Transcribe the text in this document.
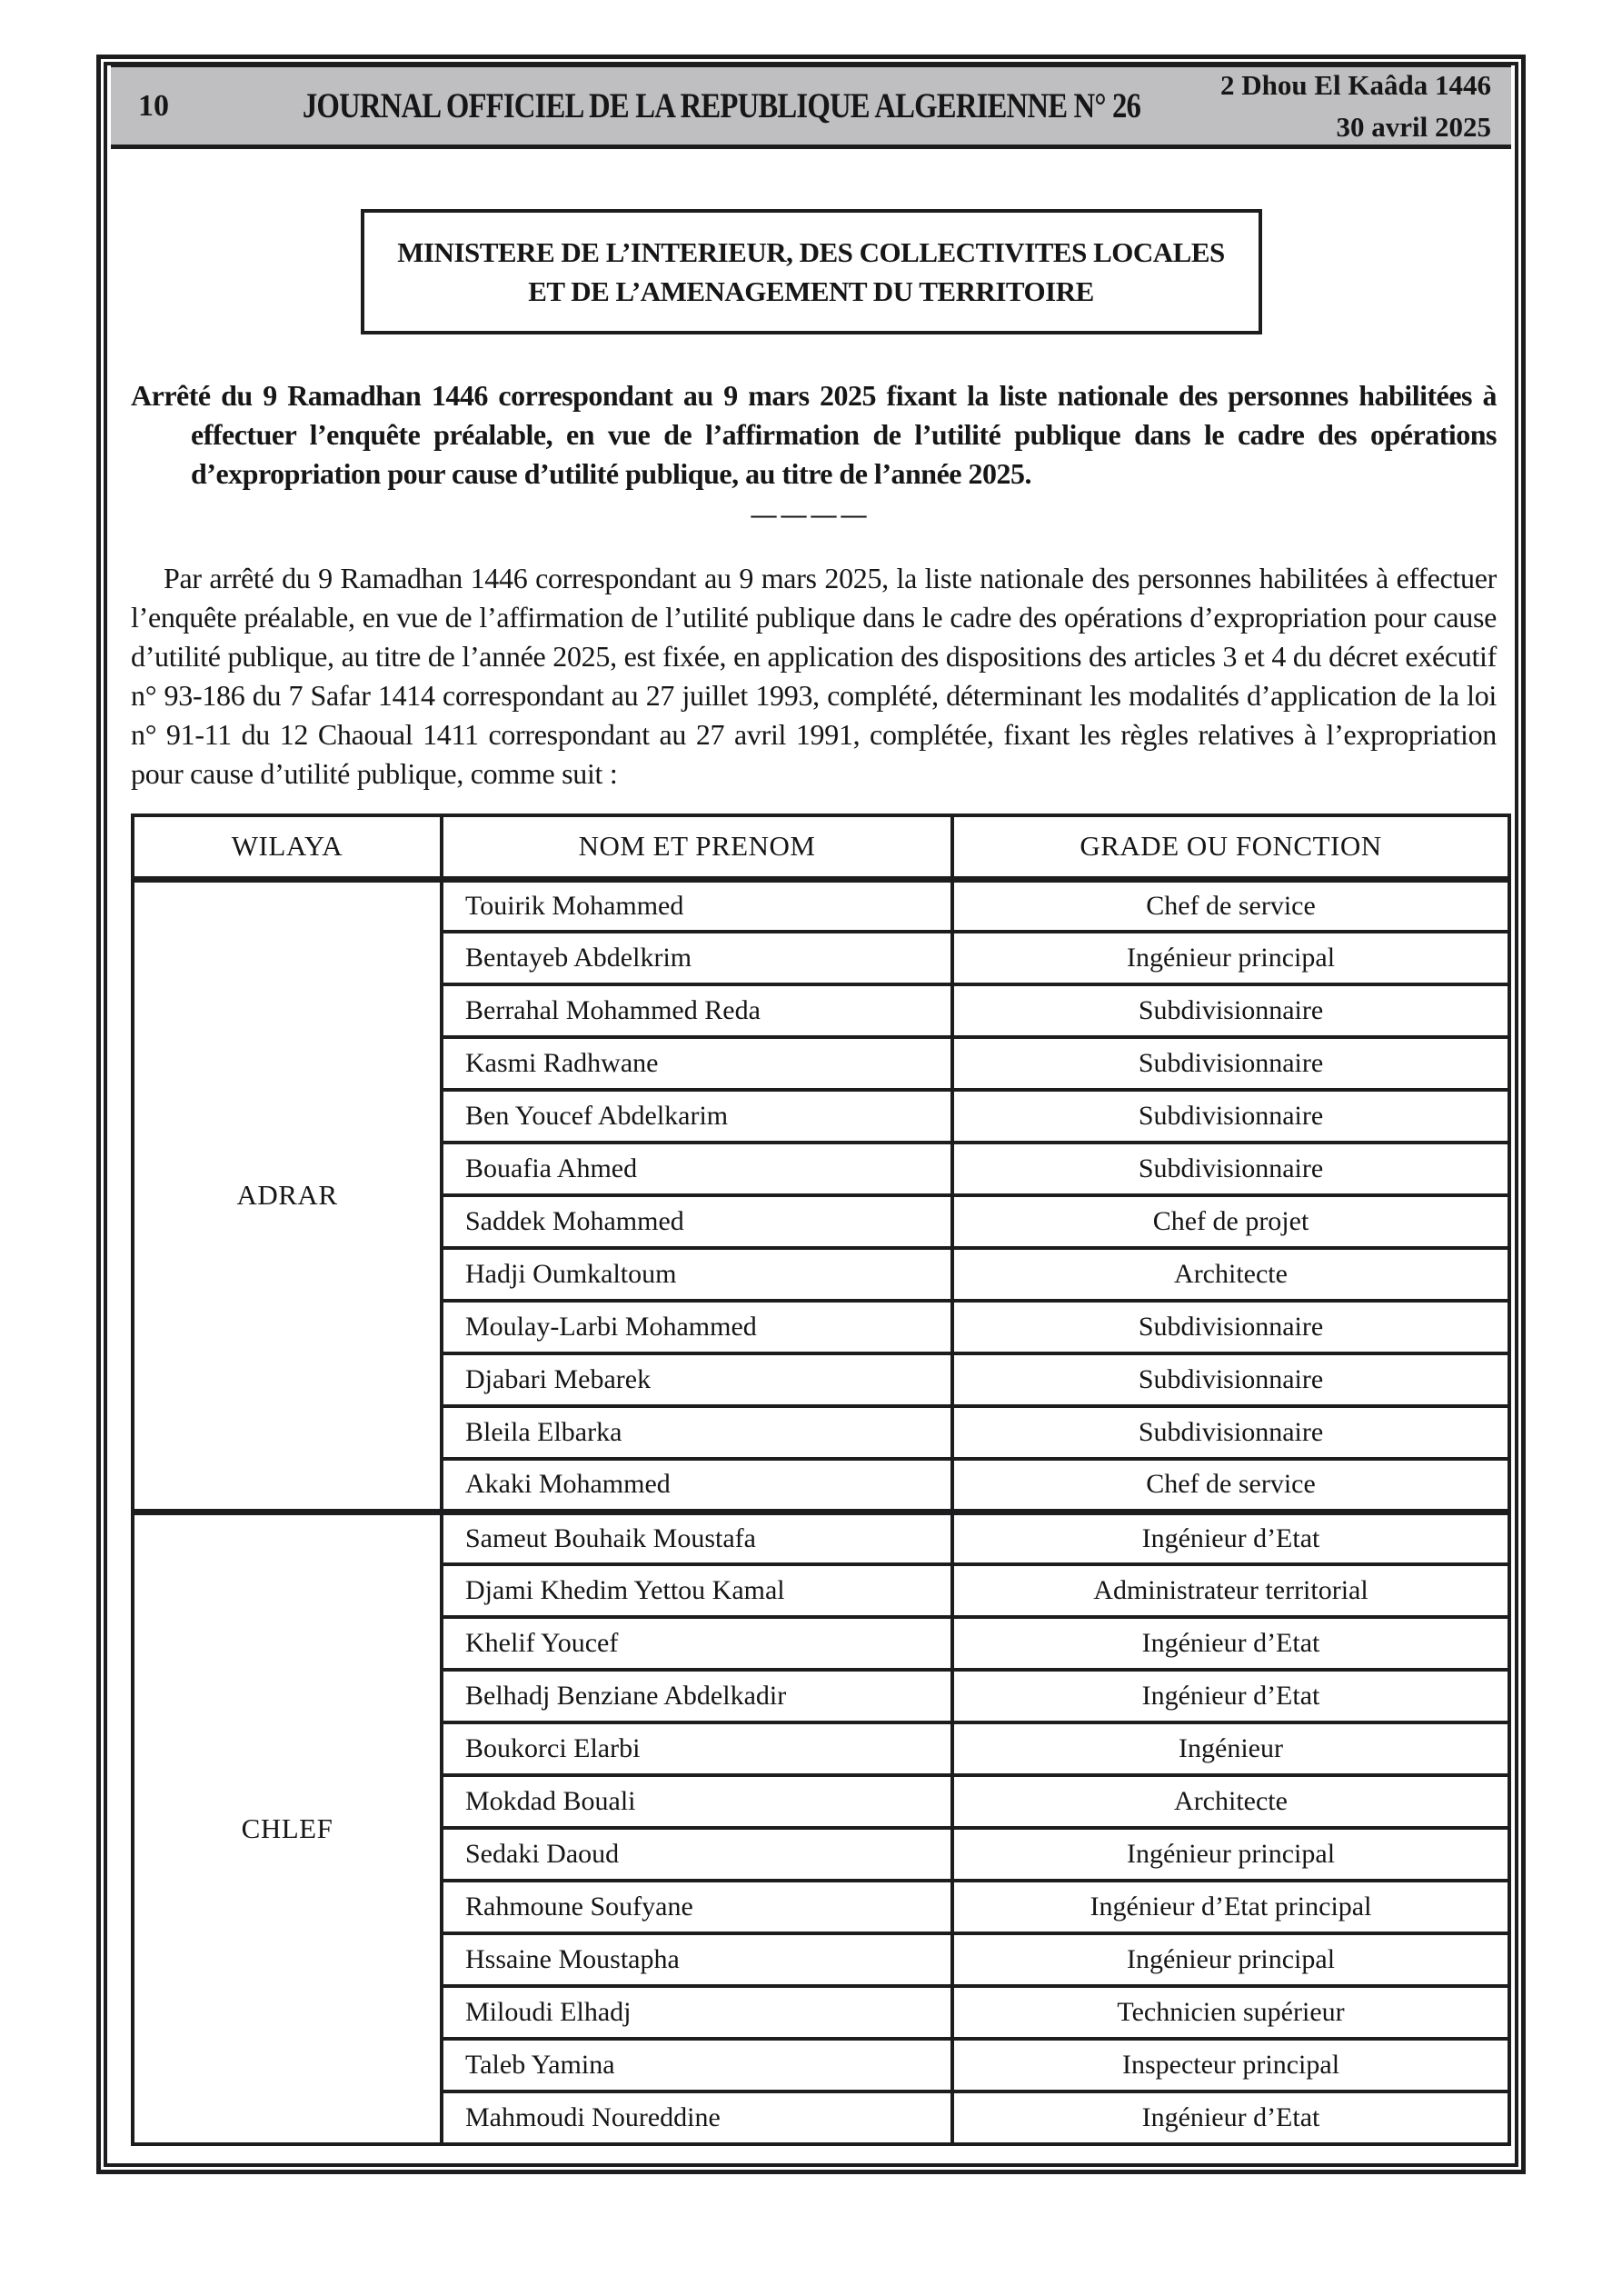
10	JOURNAL OFFICIEL DE LA REPUBLIQUE ALGERIENNE N° 26
2 Dhou El Kaâda 1446
30 avril 2025
MINISTERE DE L’INTERIEUR, DES COLLECTIVITES LOCALES
ET DE L’AMENAGEMENT DU TERRITOIRE

Arrêté du 9 Ramadhan 1446 correspondant au 9 mars 2025 fixant la liste nationale des personnes habilitées à effectuer l’enquête préalable, en vue de l’affirmation de l’utilité publique dans le cadre des opérations d’expropriation pour cause d’utilité publique, au titre de l’année 2025.

————

Par arrêté du 9 Ramadhan 1446 correspondant au 9 mars 2025, la liste nationale des personnes habilitées à effectuer l’enquête préalable, en vue de l’affirmation de l’utilité publique dans le cadre des opérations d’expropriation pour cause d’utilité publique, au titre de l’année 2025, est fixée, en application des dispositions des articles 3 et 4 du décret exécutif n° 93-186 du 7 Safar 1414 correspondant au 27 juillet 1993, complété, déterminant les modalités d’application de la loi n° 91-11 du 12 Chaoual 1411 correspondant au 27 avril 1991, complétée, fixant les règles relatives à l’expropriation pour cause d’utilité publique, comme suit :

WILAYA	NOM ET PRENOM	GRADE OU FONCTION
ADRAR	Touirik Mohammed	Chef de service
	Bentayeb Abdelkrim	Ingénieur principal
	Berrahal Mohammed Reda	Subdivisionnaire
	Kasmi Radhwane	Subdivisionnaire
	Ben Youcef Abdelkarim	Subdivisionnaire
	Bouafia Ahmed	Subdivisionnaire
	Saddek Mohammed	Chef de projet
	Hadji Oumkaltoum	Architecte
	Moulay-Larbi Mohammed	Subdivisionnaire
	Djabari Mebarek	Subdivisionnaire
	Bleila Elbarka	Subdivisionnaire
	Akaki Mohammed	Chef de service
CHLEF	Sameut Bouhaik Moustafa	Ingénieur d’Etat
	Djami Khedim Yettou Kamal	Administrateur territorial
	Khelif Youcef	Ingénieur d’Etat
	Belhadj Benziane Abdelkadir	Ingénieur d’Etat
	Boukorci Elarbi	Ingénieur
	Mokdad Bouali	Architecte
	Sedaki Daoud	Ingénieur principal
	Rahmoune Soufyane	Ingénieur d’Etat principal
	Hssaine Moustapha	Ingénieur principal
	Miloudi Elhadj	Technicien supérieur
	Taleb Yamina	Inspecteur principal
	Mahmoudi Noureddine	Ingénieur d’Etat
